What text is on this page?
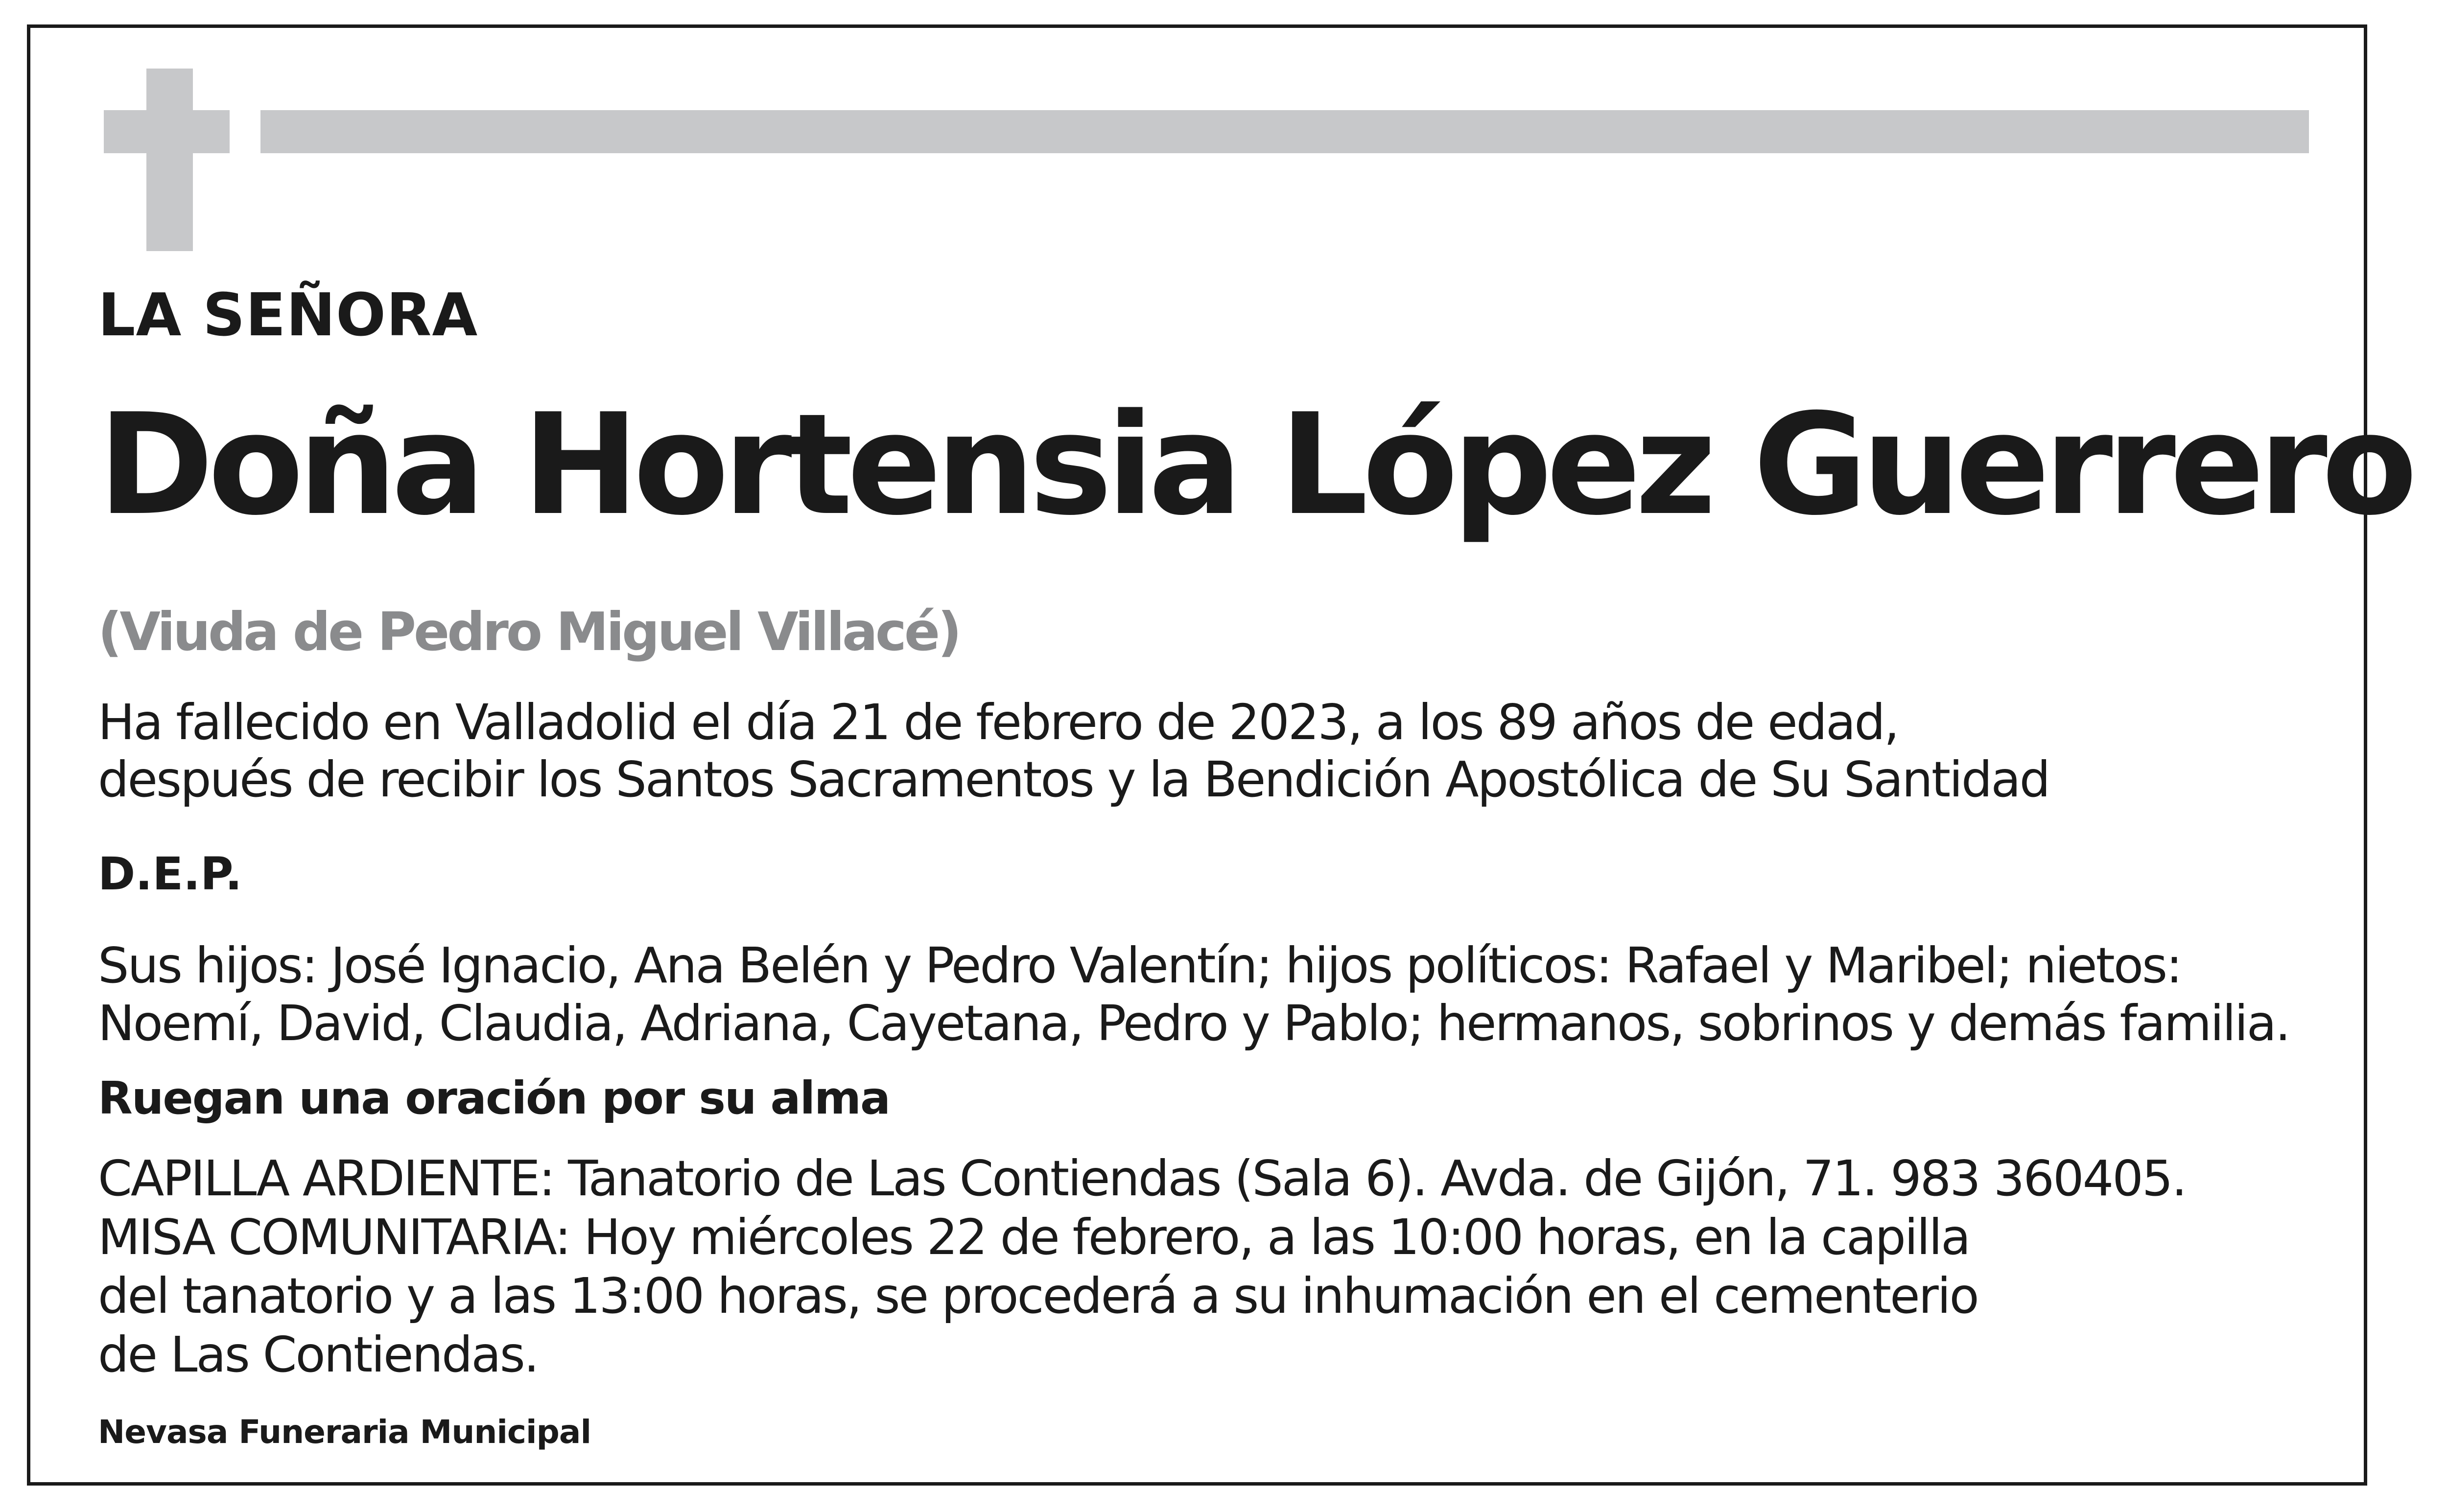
LA SEÑORA

Doña Hortensia López Guerrero

(Viuda de Pedro Miguel Villacé)

Ha fallecido en Valladolid el día 21 de febrero de 2023, a los 89 años de edad,

después de recibir los Santos Sacramentos y la Bendición Apostólica de Su Santidad

D.E.P.

Sus hijos: José Ignacio, Ana Belén y Pedro Valentín; hijos políticos: Rafael y Maribel; nietos:

Noemí, David, Claudia, Adriana, Cayetana, Pedro y Pablo; hermanos, sobrinos y demás familia.

Ruegan una oración por su alma

CAPILLA ARDIENTE: Tanatorio de Las Contiendas (Sala 6). Avda. de Gijón, 71. 983 360405.

MISA COMUNITARIA: Hoy miércoles 22 de febrero, a las 10:00 horas, en la capilla

del tanatorio y a las 13:00 horas, se procederá a su inhumación en el cementerio

de Las Contiendas.

Nevasa Funeraria Municipal
